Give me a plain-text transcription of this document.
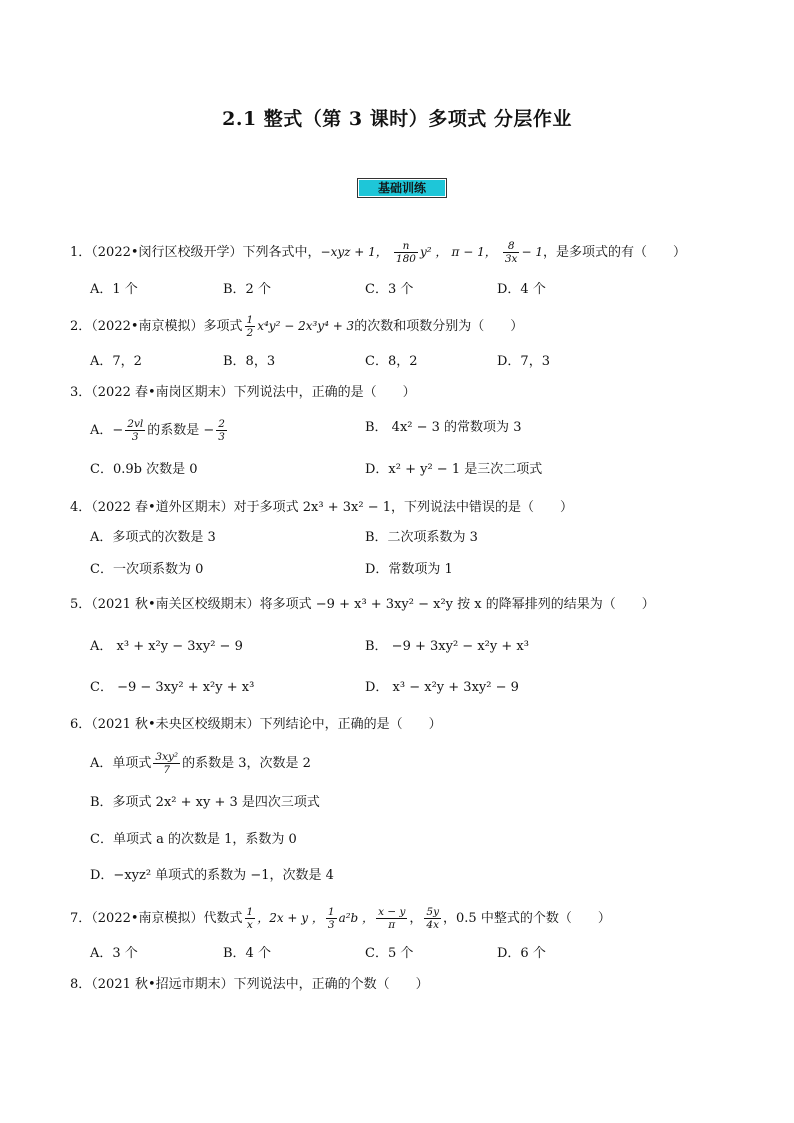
2.1 整式（第 3 课时）多项式 分层作业
基础训练
1．（2022•闵行区校级开学）下列各式中，−xyz + 1， $\frac{n}{180} y^2$ ， π − 1， $\frac{8}{3x} - 1$，是多项式的有（　　）
A．1 个	B．2 个	C．3 个	D．4 个
2．（2022•南京模拟）多项式 $\frac{1}{2} x^4y^2 - 2x^3y^4 + 3$的次数和项数分别为（　　）
A．7，2	B．8，3	C．8，2	D．7，3
3．（2022 春•南岗区期末）下列说法中，正确的是（　　）
A．− $\frac{2vl}{3}$ 的系数是 − $\frac{2}{3}$	B． 4x² − 3 的常数项为 3
C．0.9b 次数是 0	D．x² + y² − 1 是三次二项式
4．（2022 春•道外区期末）对于多项式 2x³ + 3x² − 1，下列说法中错误的是（　　）
A．多项式的次数是 3	B．二次项系数为 3
C．一次项系数为 0	D．常数项为 1
5．（2021 秋•南关区校级期末）将多项式 −9 + x³ + 3xy² − x²y 按 x 的降幂排列的结果为（　　）
A． x³ + x²y − 3xy² − 9	B． −9 + 3xy² − x²y + x³
C． −9 − 3xy² + x²y + x³	D． x³ − x²y + 3xy² − 9
6．（2021 秋•未央区校级期末）下列结论中，正确的是（　　）
A．单项式 $\frac{\text{3xy²}}{7}$ 的系数是 3，次数是 2
B．多项式 2x² + xy + 3 是四次三项式
C．单项式 a 的次数是 1，系数为 0
D．−xyz² 单项式的系数为 −1，次数是 4
7．（2022•南京模拟）代数式 $\frac{1}{x}$ ，2x + y ， $\frac{1}{3} a^2b$ ， $\frac{x - y}{\pi}$ ， $\frac{5y}{4x}$ ，0.5 中整式的个数（　　）
A．3 个	B．4 个	C．5 个	D．6 个
8．（2021 秋•招远市期末）下列说法中，正确的个数（　　）
